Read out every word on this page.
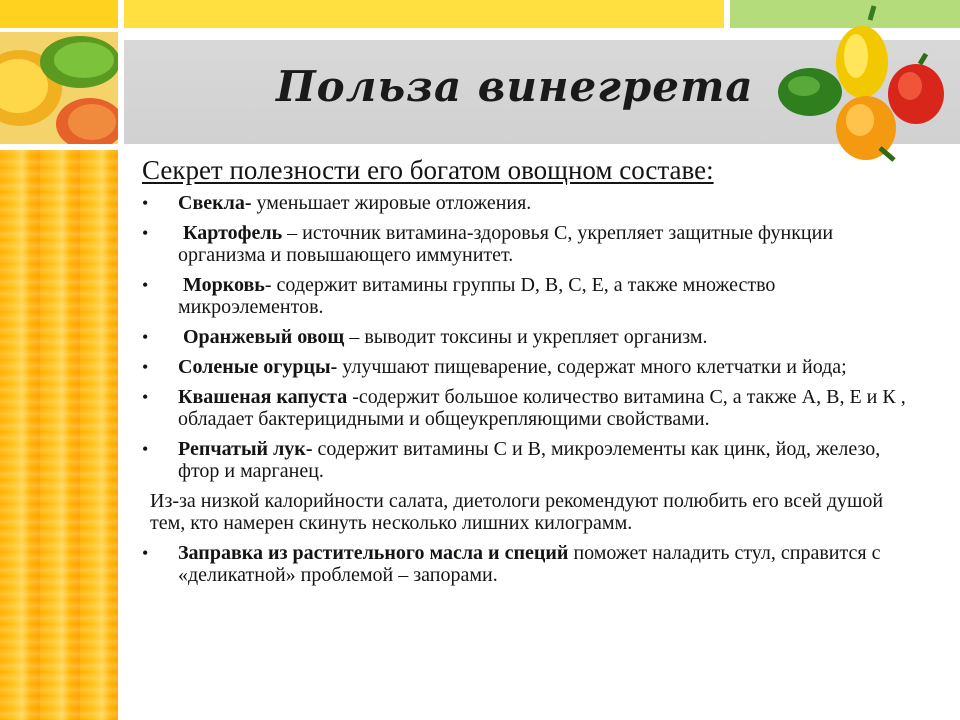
Польза винегрета

Секрет полезности его богатом овощном составе:

• Свекла- уменьшает жировые отложения.
• Картофель – источник витамина-здоровья С, укрепляет защитные функции организма и повышающего иммунитет.
• Морковь- содержит витамины группы D, В, С, Е, а также множество микроэлементов.
• Оранжевый овощ – выводит токсины и укрепляет организм.
• Соленые огурцы- улучшают пищеварение, содержат много клетчатки и йода;
• Квашеная капуста -содержит большое количество витамина С, а также А, В, Е и К , обладает бактерицидными и общеукрепляющими свойствами.
• Репчатый лук- содержит витамины С и В, микроэлементы как цинк, йод, железо, фтор и марганец.

Из-за низкой калорийности салата, диетологи рекомендуют полюбить его всей душой тем, кто намерен скинуть несколько лишних килограмм.

• Заправка из растительного масла и специй поможет наладить стул, справится с «деликатной» проблемой – запорами.
